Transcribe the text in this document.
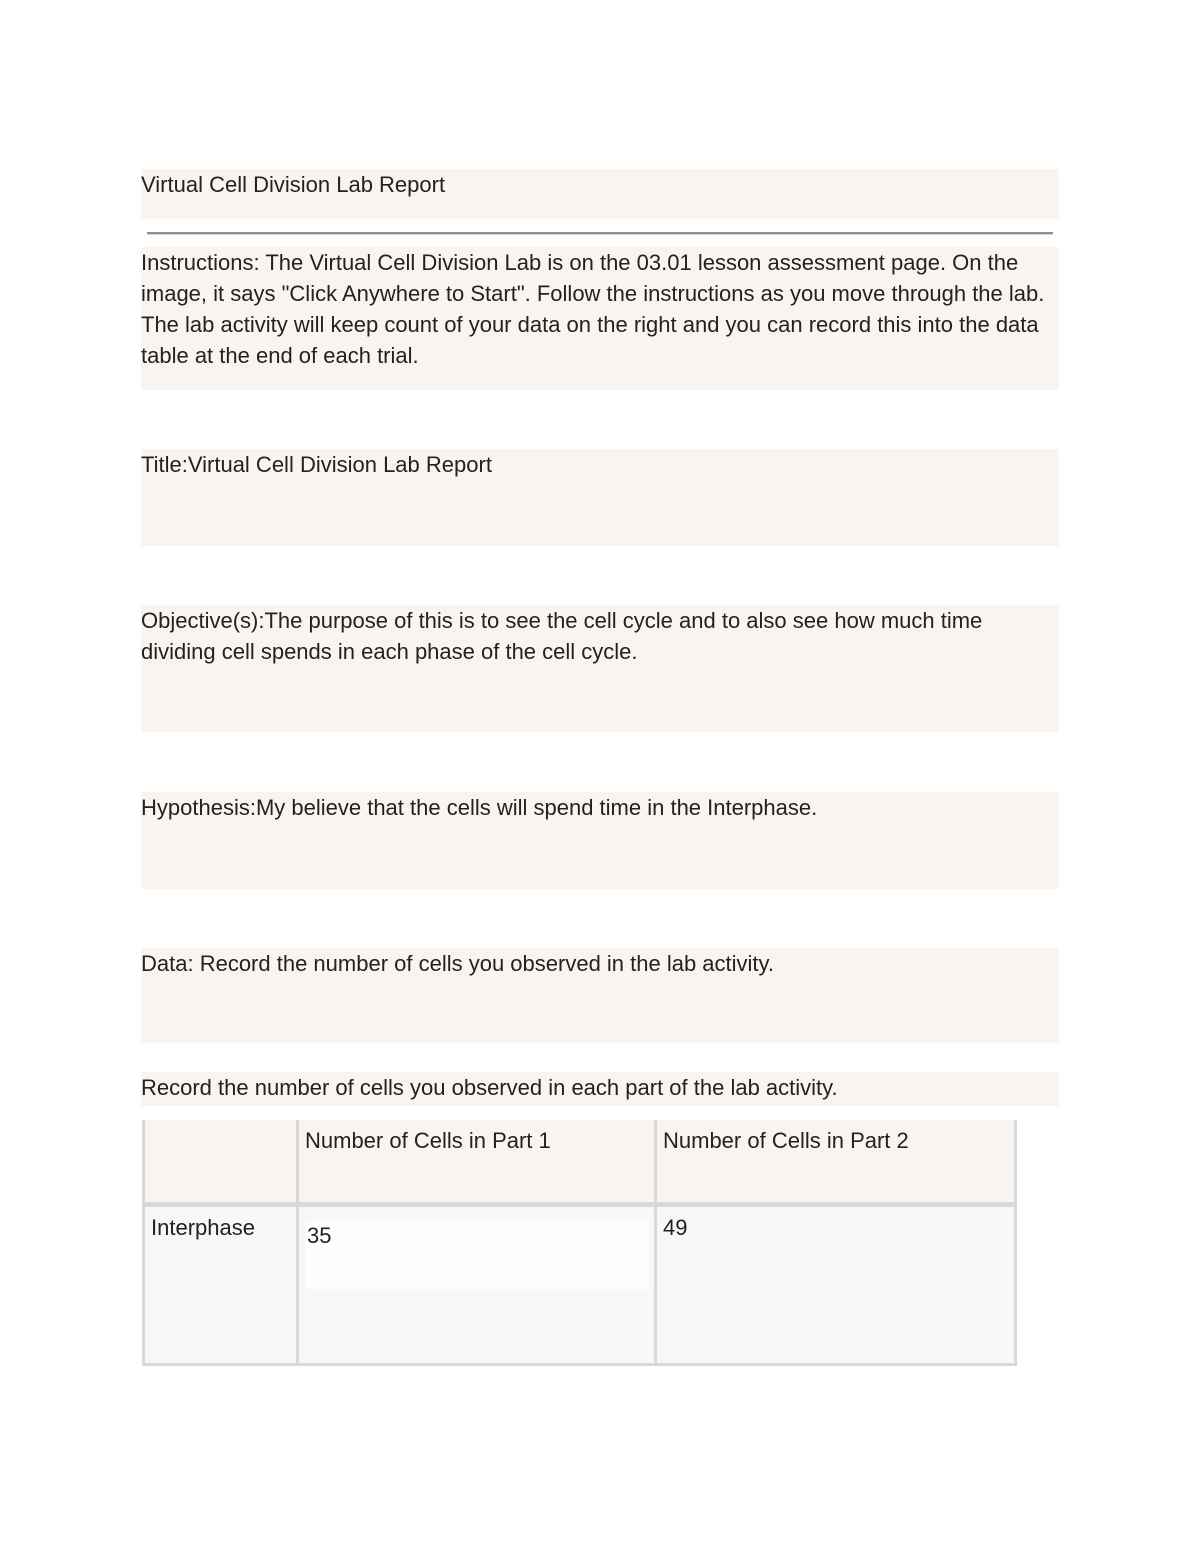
Virtual Cell Division Lab Report

Instructions: The Virtual Cell Division Lab is on the 03.01 lesson assessment page. On the image, it says "Click Anywhere to Start". Follow the instructions as you move through the lab. The lab activity will keep count of your data on the right and you can record this into the data table at the end of each trial.

Title:Virtual Cell Division Lab Report

Objective(s):The purpose of this is to see the cell cycle and to also see how much time dividing cell spends in each phase of the cell cycle.

Hypothesis:My believe that the cells will spend time in the Interphase.

Data: Record the number of cells you observed in the lab activity.

Record the number of cells you observed in each part of the lab activity.

	Number of Cells in Part 1	Number of Cells in Part 2
Interphase	35	49
